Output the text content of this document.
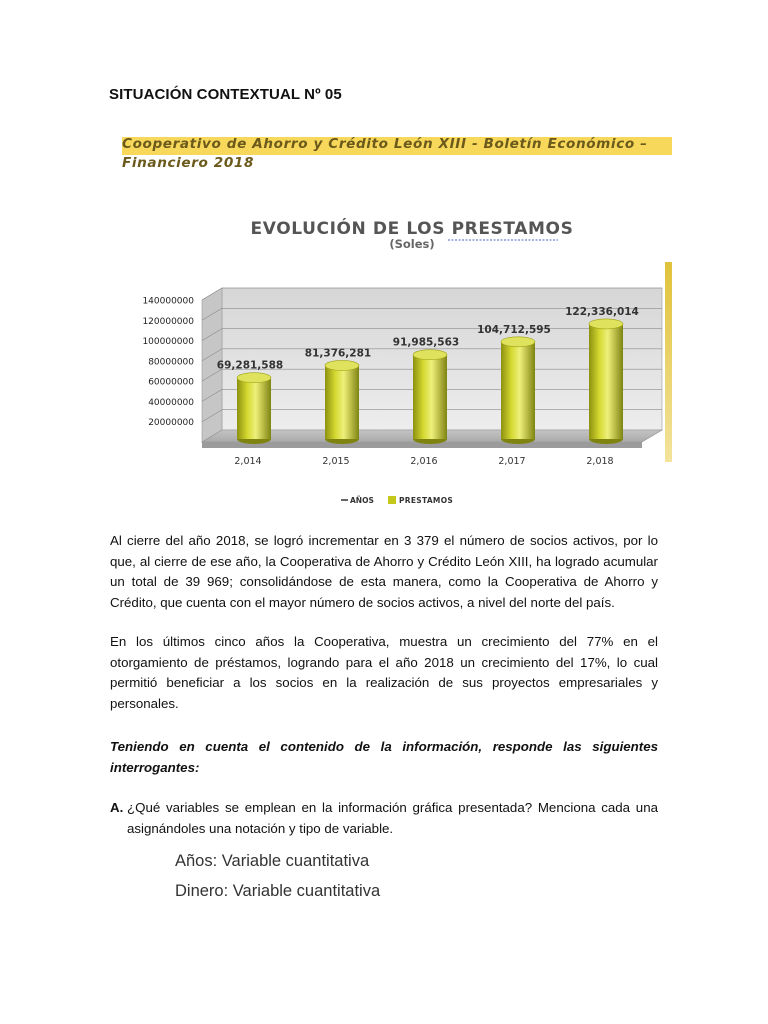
SITUACIÓN CONTEXTUAL Nº 05
Cooperativo de Ahorro y Crédito León XIII - Boletín Económico –
Financiero 2018
EVOLUCIÓN DE LOS PRESTAMOS
(Soles)
20000000
40000000
60000000
80000000
100000000
120000000
140000000
69,281,588
2,014
81,376,281
2,015
91,985,563
2,016
104,712,595
2,017
122,336,014
2,018
AÑOS	PRESTAMOS
Al cierre del año 2018, se logró incrementar en 3 379 el número de socios activos, por lo que, al cierre de ese año, la Cooperativa de Ahorro y Crédito León XIII, ha logrado acumular un total de 39 969; consolidándose de esta manera, como la Cooperativa de Ahorro y Crédito, que cuenta con el mayor número de socios activos, a nivel del norte del país.
En los últimos cinco años la Cooperativa, muestra un crecimiento del 77% en el otorgamiento de préstamos, logrando para el año 2018 un crecimiento del 17%, lo cual permitió beneficiar a los socios en la realización de sus proyectos empresariales y personales.
Teniendo en cuenta el contenido de la información, responde las siguientes interrogantes:
A. ¿Qué variables se emplean en la información gráfica presentada? Menciona cada una asignándoles una notación y tipo de variable.
Años: Variable cuantitativa
Dinero: Variable cuantitativa
